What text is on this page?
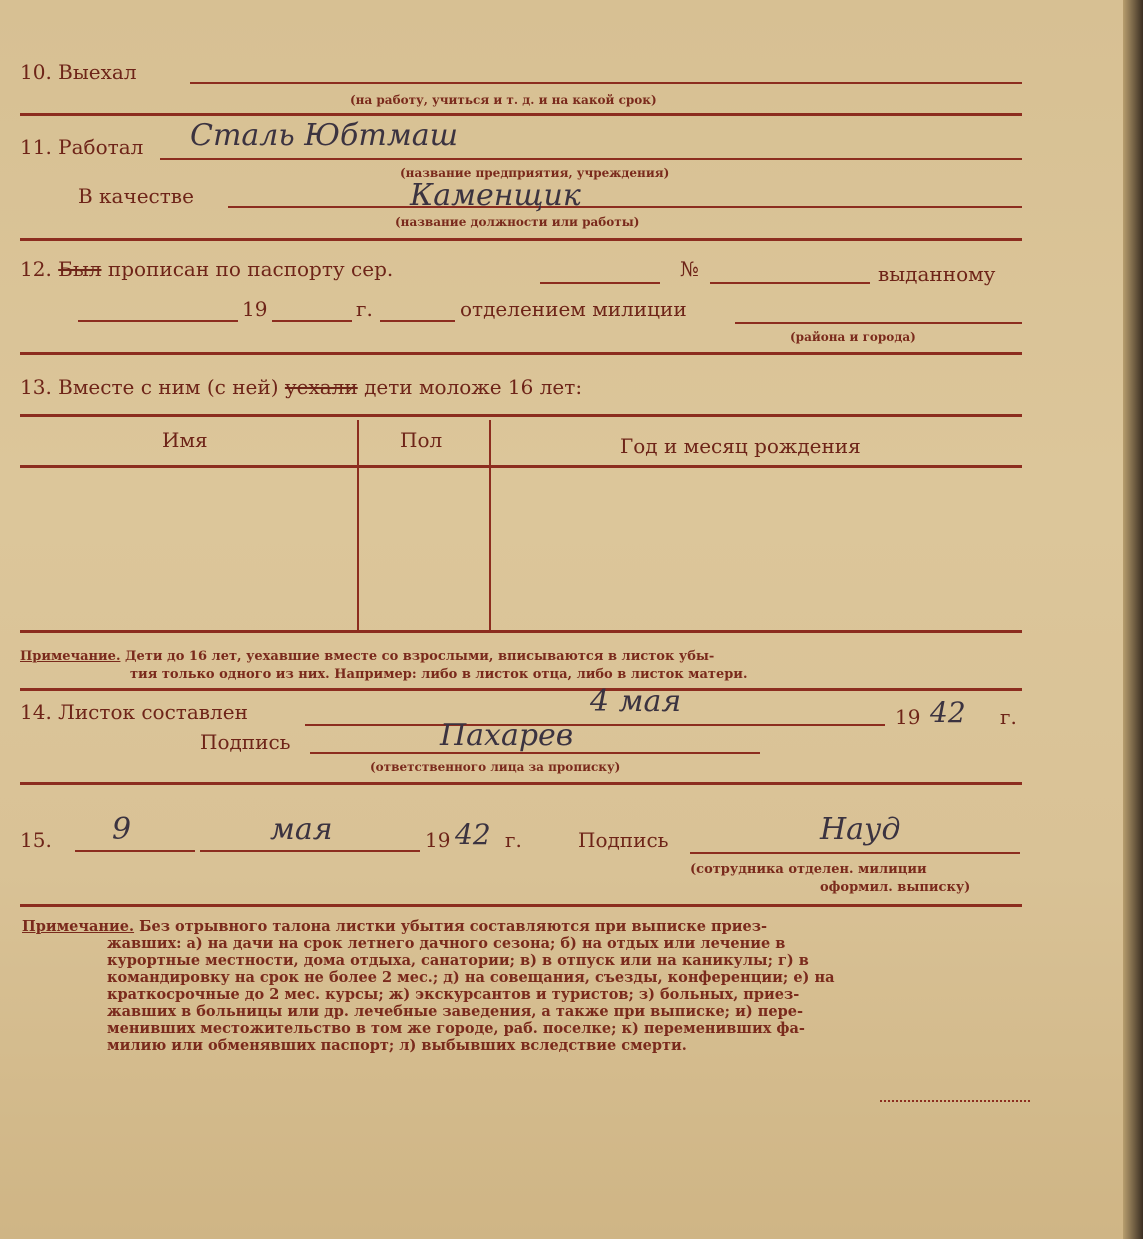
10. Выехал
(на работу, учиться и т. д. и на какой срок)
11. Работал Сталь Юбтмаш
(название предприятия, учреждения)
В качестве	Каменщик
(название должности или работы)
12. Был прописан по паспорту сер.	№	выданному
19	г.	отделением милиции
(района и города)
13. Вместе с ним (с ней) уехали дети моложе 16 лет:
Имя	Пол	Год и месяц рождения
Примечание. Дети до 16 лет, уехавшие вместе со взрослыми, вписываются в листок убы-
тия только одного из них. Например: либо в листок отца, либо в листок матери.
14. Листок составлен	4 мая	19 42 г.
Подпись	Пахарев
(ответственного лица за прописку)
15. 9	мая	19 42 г.	Подпись	Науд
(сотрудника отделен. милиции
оформил. выписку)
Примечание. Без отрывного талона листки убытия составляются при выписке приез-
жавших: а) на дачи на срок летнего дачного сезона; б) на отдых или лечение в
курортные местности, дома отдыха, санатории; в) в отпуск или на каникулы; г) в
командировку на срок не более 2 мес.; д) на совещания, съезды, конференции; е) на
краткосрочные до 2 мес. курсы; ж) экскурсантов и туристов; з) больных, приез-
жавших в больницы или др. лечебные заведения, а также при выписке; и) пере-
менивших местожительство в том же городе, раб. поселке; к) переменивших фа-
милию или обменявших паспорт; л) выбывших вследствие смерти.
